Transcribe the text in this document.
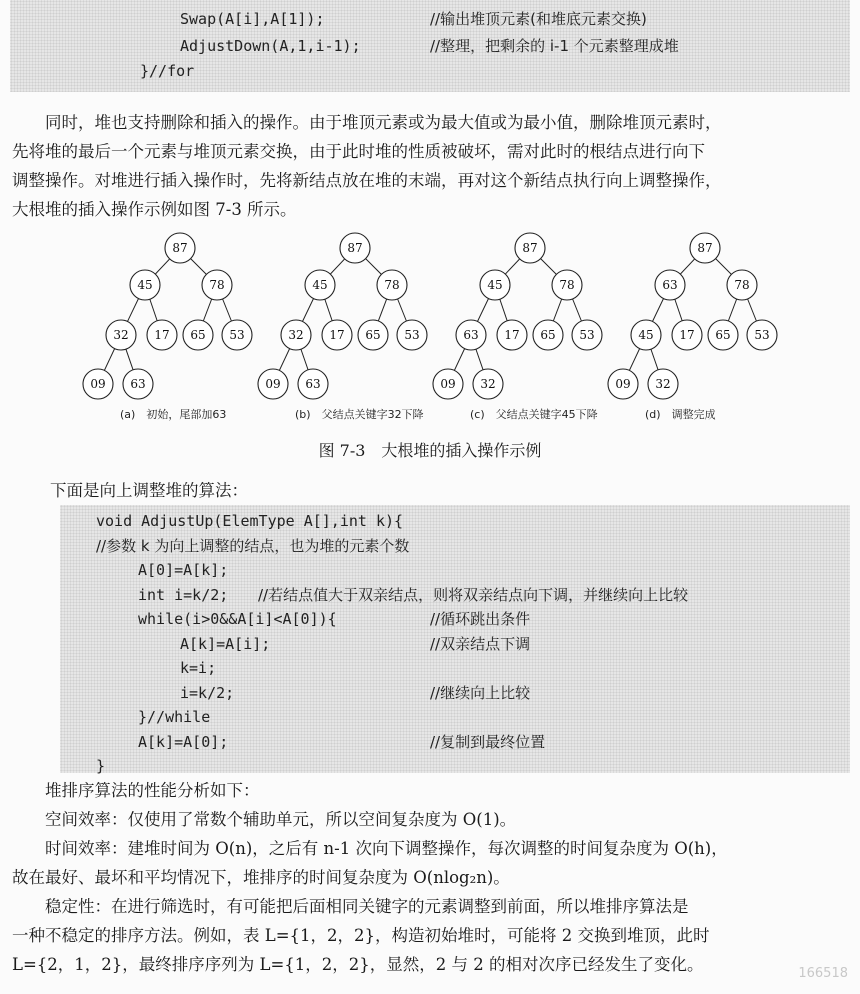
Swap(A[i],A[1]);	//输出堆顶元素(和堆底元素交换)
AdjustDown(A,1,i-1);	//整理，把剩余的 i-1 个元素整理成堆
}//for
　　同时，堆也支持删除和插入的操作。由于堆顶元素或为最大值或为最小值，删除堆顶元素时，
先将堆的最后一个元素与堆顶元素交换，由于此时堆的性质被破坏，需对此时的根结点进行向下
调整操作。对堆进行插入操作时，先将新结点放在堆的末端，再对这个新结点执行向上调整操作，
大根堆的插入操作示例如图 7-3 所示。
87
45	78
32 17 65 53
09 63
(a)　初始，尾部加63
87
45	78
32 17 65 53
09 63
(b)　父结点关键字32下降
87
45	78
63 17 65 53
09 32
(c)　父结点关键字45下降
87
63	78
45 17 65 53
09 32
(d)　调整完成
图 7-3　大根堆的插入操作示例
下面是向上调整堆的算法：
void AdjustUp(ElemType A[],int k){
//参数 k 为向上调整的结点，也为堆的元素个数
A[0]=A[k];
int i=k/2; //若结点值大于双亲结点，则将双亲结点向下调，并继续向上比较
while(i>0&&A[i]<A[0]){	//循环跳出条件
A[k]=A[i];	//双亲结点下调
k=i;
i=k/2;	//继续向上比较
}//while
A[k]=A[0];	//复制到最终位置
}
　　堆排序算法的性能分析如下：
　　空间效率：仅使用了常数个辅助单元，所以空间复杂度为 O(1)。
　　时间效率：建堆时间为 O(n)，之后有 n-1 次向下调整操作，每次调整的时间复杂度为 O(h)，
故在最好、最坏和平均情况下，堆排序的时间复杂度为 O(nlog₂n)。
　　稳定性：在进行筛选时，有可能把后面相同关键字的元素调整到前面，所以堆排序算法是
一种不稳定的排序方法。例如，表 L={1，2，2}，构造初始堆时，可能将 2 交换到堆顶，此时
L={2，1，2}，最终排序序列为 L={1，2，2}，显然，2 与 2 的相对次序已经发生了变化。	166518
